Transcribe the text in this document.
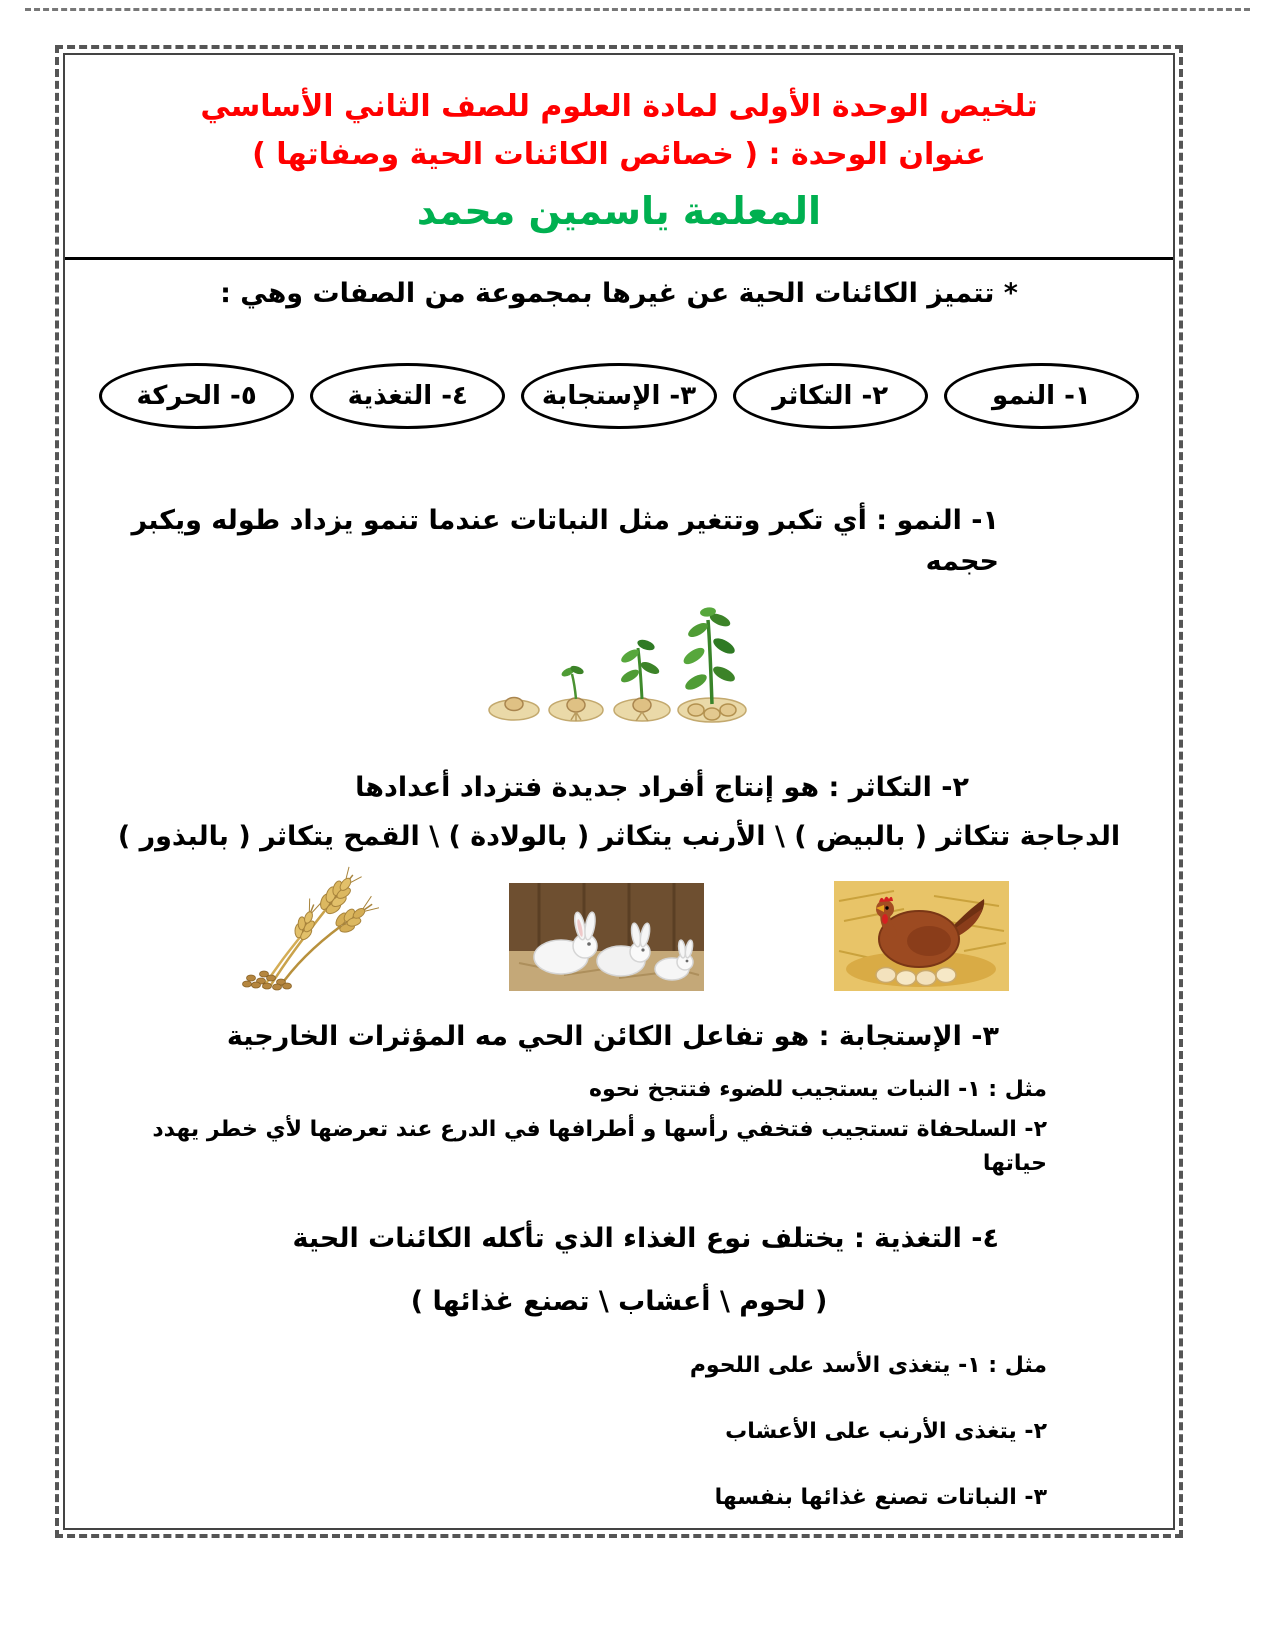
تلخيص الوحدة الأولى لمادة العلوم للصف الثاني الأساسي
عنوان الوحدة : ( خصائص الكائنات الحية وصفاتها )
المعلمة ياسمين محمد
* تتميز الكائنات الحية عن غيرها بمجموعة من الصفات وهي :
١- النمو
٢- التكاثر
٣- الإستجابة
٤- التغذية
٥- الحركة
١- النمو : أي تكبر وتتغير مثل النباتات عندما تنمو يزداد طوله ويكبر حجمه
٢- التكاثر : هو إنتاج أفراد جديدة فتزداد أعدادها
الدجاجة تتكاثر ( بالبيض ) \ الأرنب يتكاثر ( بالولادة ) \ القمح يتكاثر ( بالبذور )
٣- الإستجابة : هو تفاعل الكائن الحي مه المؤثرات الخارجية
مثل : ١- النبات يستجيب للضوء فتتجخ نحوه
٢- السلحفاة تستجيب فتخفي رأسها و أطرافها في الدرع عند تعرضها لأي خطر يهدد حياتها
٤- التغذية : يختلف نوع الغذاء الذي تأكله الكائنات الحية
( لحوم \ أعشاب \ تصنع غذائها )
مثل : ١- يتغذى الأسد على اللحوم
٢- يتغذى الأرنب على الأعشاب
٣- النباتات تصنع غذائها بنفسها
